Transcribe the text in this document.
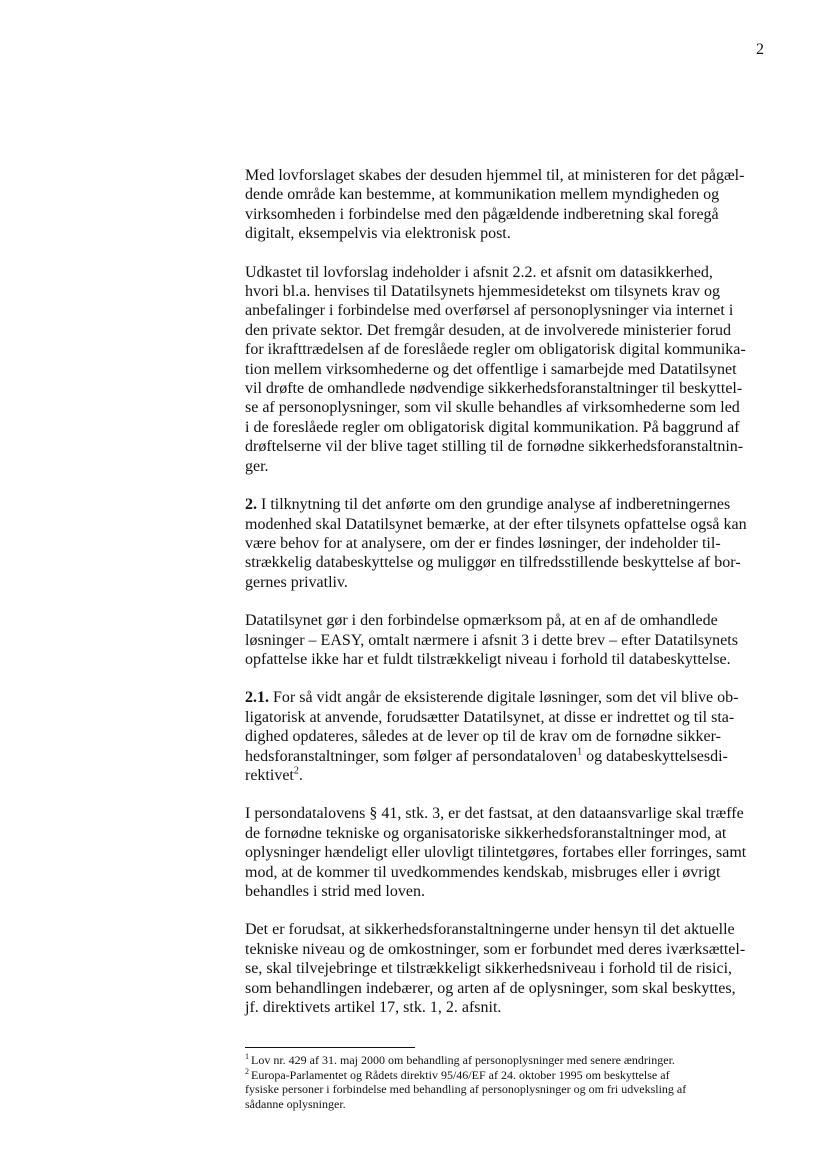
2

Med lovforslaget skabes der desuden hjemmel til, at ministeren for det pågæl-
dende område kan bestemme, at kommunikation mellem myndigheden og
virksomheden i forbindelse med den pågældende indberetning skal foregå
digitalt, eksempelvis via elektronisk post.

Udkastet til lovforslag indeholder i afsnit 2.2. et afsnit om datasikkerhed,
hvori bl.a. henvises til Datatilsynets hjemmesidetekst om tilsynets krav og
anbefalinger i forbindelse med overførsel af personoplysninger via internet i
den private sektor. Det fremgår desuden, at de involverede ministerier forud
for ikrafttrædelsen af de foreslåede regler om obligatorisk digital kommunika-
tion mellem virksomhederne og det offentlige i samarbejde med Datatilsynet
vil drøfte de omhandlede nødvendige sikkerhedsforanstaltninger til beskyttel-
se af personoplysninger, som vil skulle behandles af virksomhederne som led
i de foreslåede regler om obligatorisk digital kommunikation. På baggrund af
drøftelserne vil der blive taget stilling til de fornødne sikkerhedsforanstaltnin-
ger.

2. I tilknytning til det anførte om den grundige analyse af indberetningernes
modenhed skal Datatilsynet bemærke, at der efter tilsynets opfattelse også kan
være behov for at analysere, om der er findes løsninger, der indeholder til-
strækkelig databeskyttelse og muliggør en tilfredsstillende beskyttelse af bor-
gernes privatliv.

Datatilsynet gør i den forbindelse opmærksom på, at en af de omhandlede
løsninger – EASY, omtalt nærmere i afsnit 3 i dette brev – efter Datatilsynets
opfattelse ikke har et fuldt tilstrækkeligt niveau i forhold til databeskyttelse.

2.1. For så vidt angår de eksisterende digitale løsninger, som det vil blive ob-
ligatorisk at anvende, forudsætter Datatilsynet, at disse er indrettet og til sta-
dighed opdateres, således at de lever op til de krav om de fornødne sikker-
hedsforanstaltninger, som følger af persondataloven$^1$ og databeskyttelsesdi-
rektivet$^2$.

I persondatalovens § 41, stk. 3, er det fastsat, at den dataansvarlige skal træffe
de fornødne tekniske og organisatoriske sikkerhedsforanstaltninger mod, at
oplysninger hændeligt eller ulovligt tilintetgøres, fortabes eller forringes, samt
mod, at de kommer til uvedkommendes kendskab, misbruges eller i øvrigt
behandles i strid med loven.

Det er forudsat, at sikkerhedsforanstaltningerne under hensyn til det aktuelle
tekniske niveau og de omkostninger, som er forbundet med deres iværksættel-
se, skal tilvejebringe et tilstrækkeligt sikkerhedsniveau i forhold til de risici,
som behandlingen indebærer, og arten af de oplysninger, som skal beskyttes,
jf. direktivets artikel 17, stk. 1, 2. afsnit.

$^1$ Lov nr. 429 af 31. maj 2000 om behandling af personoplysninger med senere ændringer.
$^2$ Europa-Parlamentet og Rådets direktiv 95/46/EF af 24. oktober 1995 om beskyttelse af
fysiske personer i forbindelse med behandling af personoplysninger og om fri udveksling af
sådanne oplysninger.
